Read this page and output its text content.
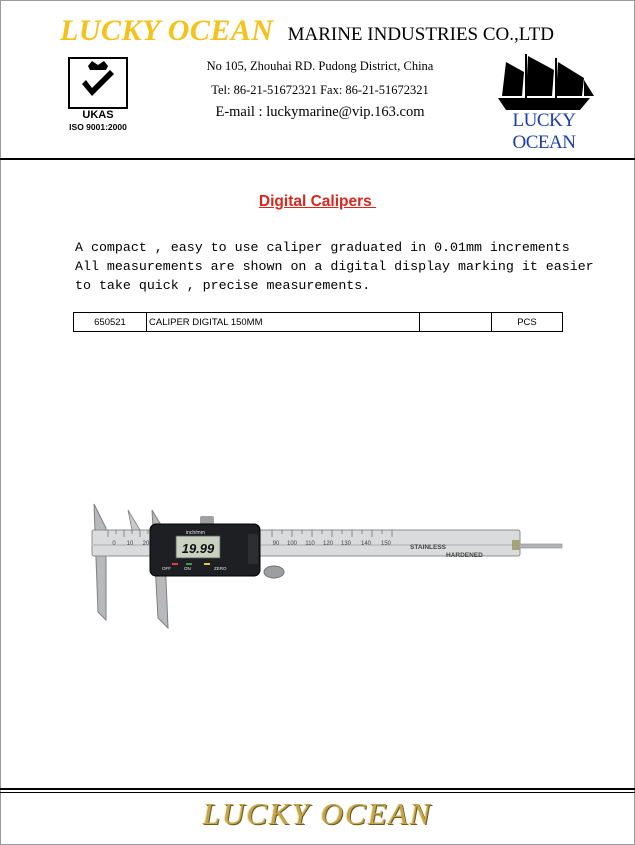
LUCKY OCEAN MARINE INDUSTRIES CO.,LTD
No 105, Zhouhai RD. Pudong District, China
Tel: 86-21-51672321 Fax: 86-21-51672321
E-mail : luckymarine@vip.163.com
UKAS
ISO 9001:2000	LUCKY OCEAN
Digital Calipers
A compact , easy to use caliper graduated in 0.01mm increments
All measurements are shown on a digital display marking it easier
to take quick , precise measurements.
650521	CALIPER DIGITAL 150MM		PCS
0 10 20	90 100 110 120 130 140 150	STAINLESS
HARDENED
inch/mm
19.99
OFF	ON	ZERO
LUCKY OCEAN
